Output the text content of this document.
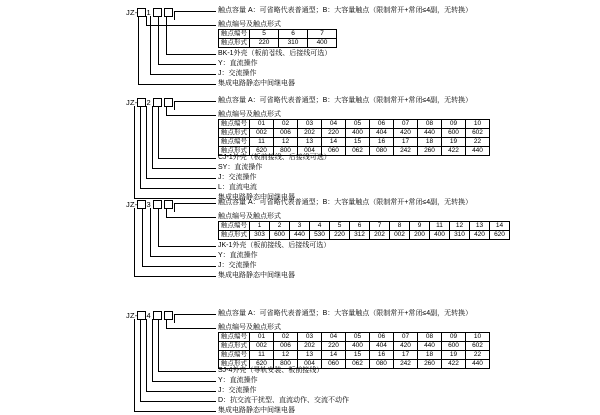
JZ - 1	触点容量 A：可省略代表普通型；B：大容量触点（限制常开+常闭≤4副，无转换）
触点编号及触点形式
触点编号	5	6	7
触点形式	220	310	400
BK-1外壳（板前접线、后接线可选）
Y：直流操作
J：交流操作
集成电路静态中间继电器
JZ - 2	触点容量 A：可省略代表普通型；B：大容量触点（限制常开+常闭≤4副，无转换）
触点编号及触点形式
触点编号	01	02	03	04	05	06	07	08	09	10
触点形式	002	006	202	220	400	404	420	440	600	602
触点编号	11	12	13	14	15	16	17	18	19	22
触点形式	620	800	004	060	062	080	242	260	422	440
CJ-1外壳（板前接线、后接线可选）
SY：直流操作
J：交流操作
L：直流电流
集成电路静态中间继电器
JZ - 3	触点容量 A：可省略代表普通型；B：大容量触点（限制常开+常闭≤4副，无转换）
触点编号及触点形式
触点编号	1	2	3	4	5	6	7	8	9	11	12	13	14
触点形式	303	600	440	530	220	312	202	002	200	400	310	420	620
JK-1外壳（板前接线、后接线可选）
Y：直流操作
J：交流操作
集成电路静态中间继电器
JZ - 4	触点容量 A：可省略代表普通型；B：大容量触点（限制常开+常闭≤4副，无转换）
触点编号及触点形式
触点编号	01	02	03	04	05	06	07	08	09	10
触点形式	002	006	202	220	400	404	420	440	600	602
触点编号	11	12	13	14	15	16	17	18	19	22
触点形式	620	800	004	060	062	080	242	260	422	440
SJ-4外壳（导轨安装、板前接线）
Y：直流操作
J：交流操作
D：抗交流干扰型、直流动作、交流不动作
集成电路静态中间继电器
